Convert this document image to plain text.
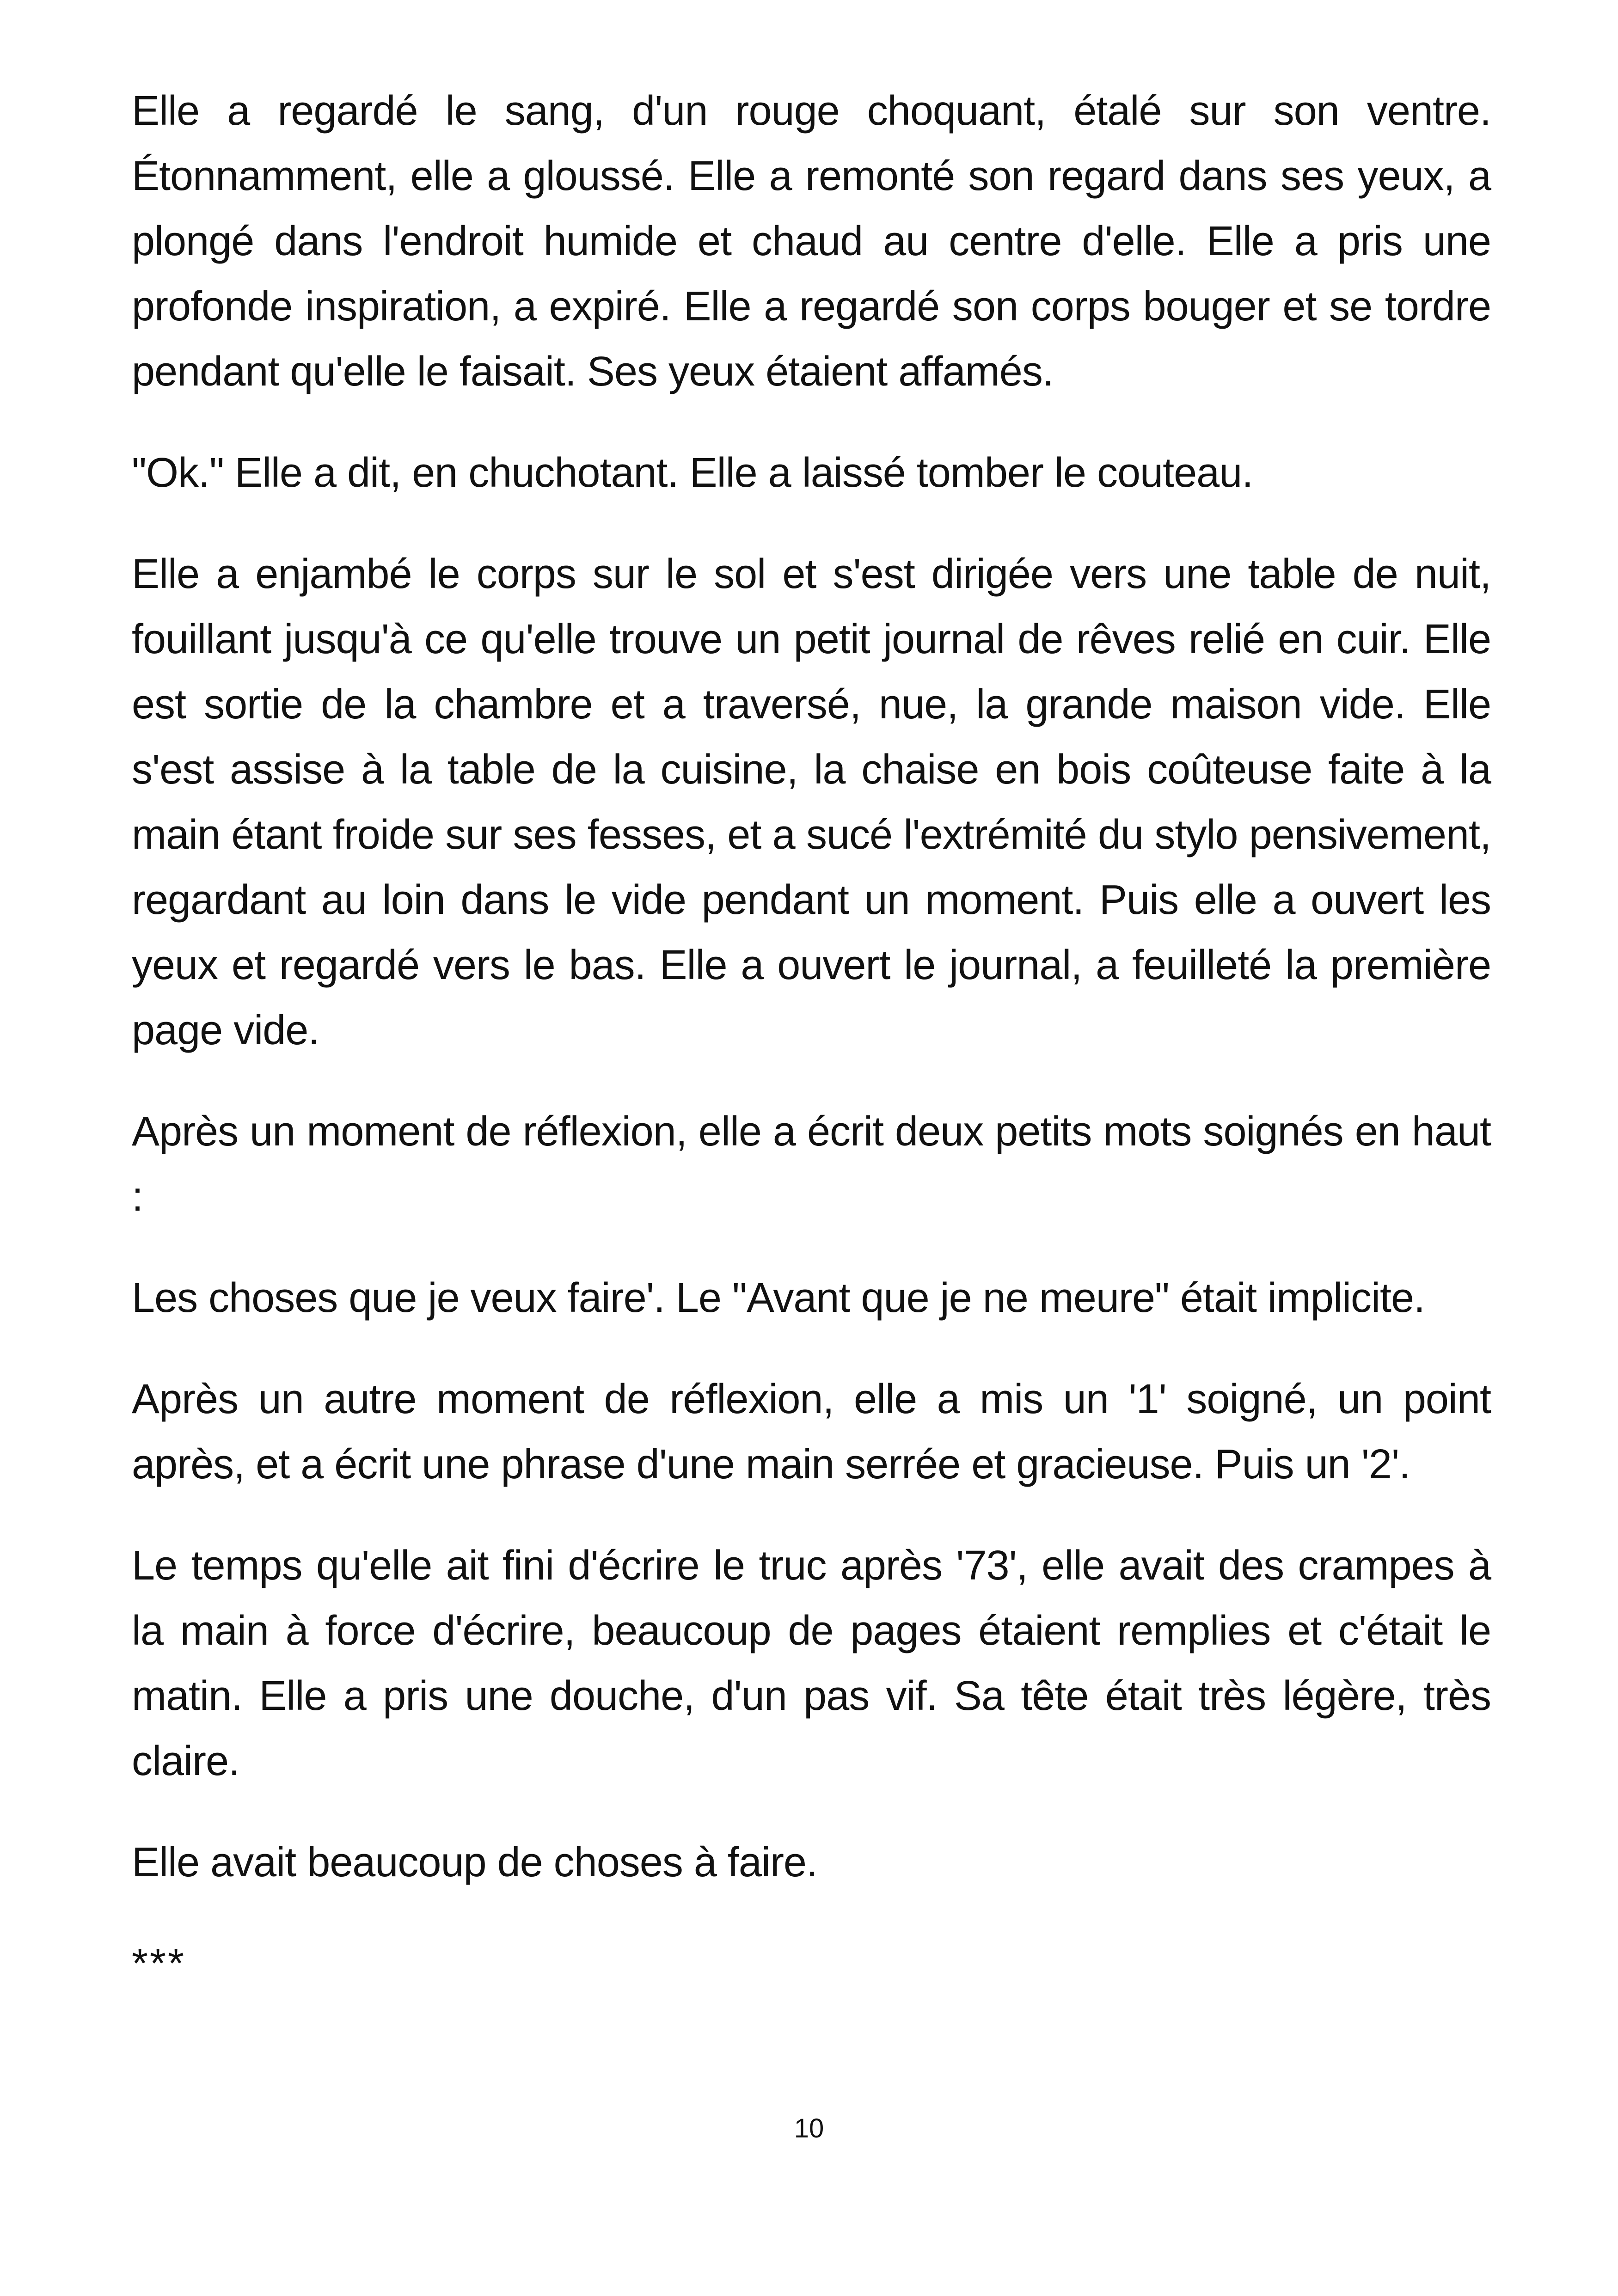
Elle a regardé le sang, d'un rouge choquant, étalé sur son ventre. Étonnamment, elle a gloussé. Elle a remonté son regard dans ses yeux, a plongé dans l'endroit humide et chaud au centre d'elle. Elle a pris une profonde inspiration, a expiré. Elle a regardé son corps bouger et se tordre pendant qu'elle le faisait. Ses yeux étaient affamés.

"Ok." Elle a dit, en chuchotant. Elle a laissé tomber le couteau.

Elle a enjambé le corps sur le sol et s'est dirigée vers une table de nuit, fouillant jusqu'à ce qu'elle trouve un petit journal de rêves relié en cuir. Elle est sortie de la chambre et a traversé, nue, la grande maison vide. Elle s'est assise à la table de la cuisine, la chaise en bois coûteuse faite à la main étant froide sur ses fesses, et a sucé l'extrémité du stylo pensivement, regardant au loin dans le vide pendant un moment. Puis elle a ouvert les yeux et regardé vers le bas. Elle a ouvert le journal, a feuilleté la première page vide.

Après un moment de réflexion, elle a écrit deux petits mots soignés en haut :

Les choses que je veux faire'. Le "Avant que je ne meure" était implicite.

Après un autre moment de réflexion, elle a mis un '1' soigné, un point après, et a écrit une phrase d'une main serrée et gracieuse. Puis un '2'.

Le temps qu'elle ait fini d'écrire le truc après '73', elle avait des crampes à la main à force d'écrire, beaucoup de pages étaient remplies et c'était le matin. Elle a pris une douche, d'un pas vif. Sa tête était très légère, très claire.

Elle avait beaucoup de choses à faire.

***
10
